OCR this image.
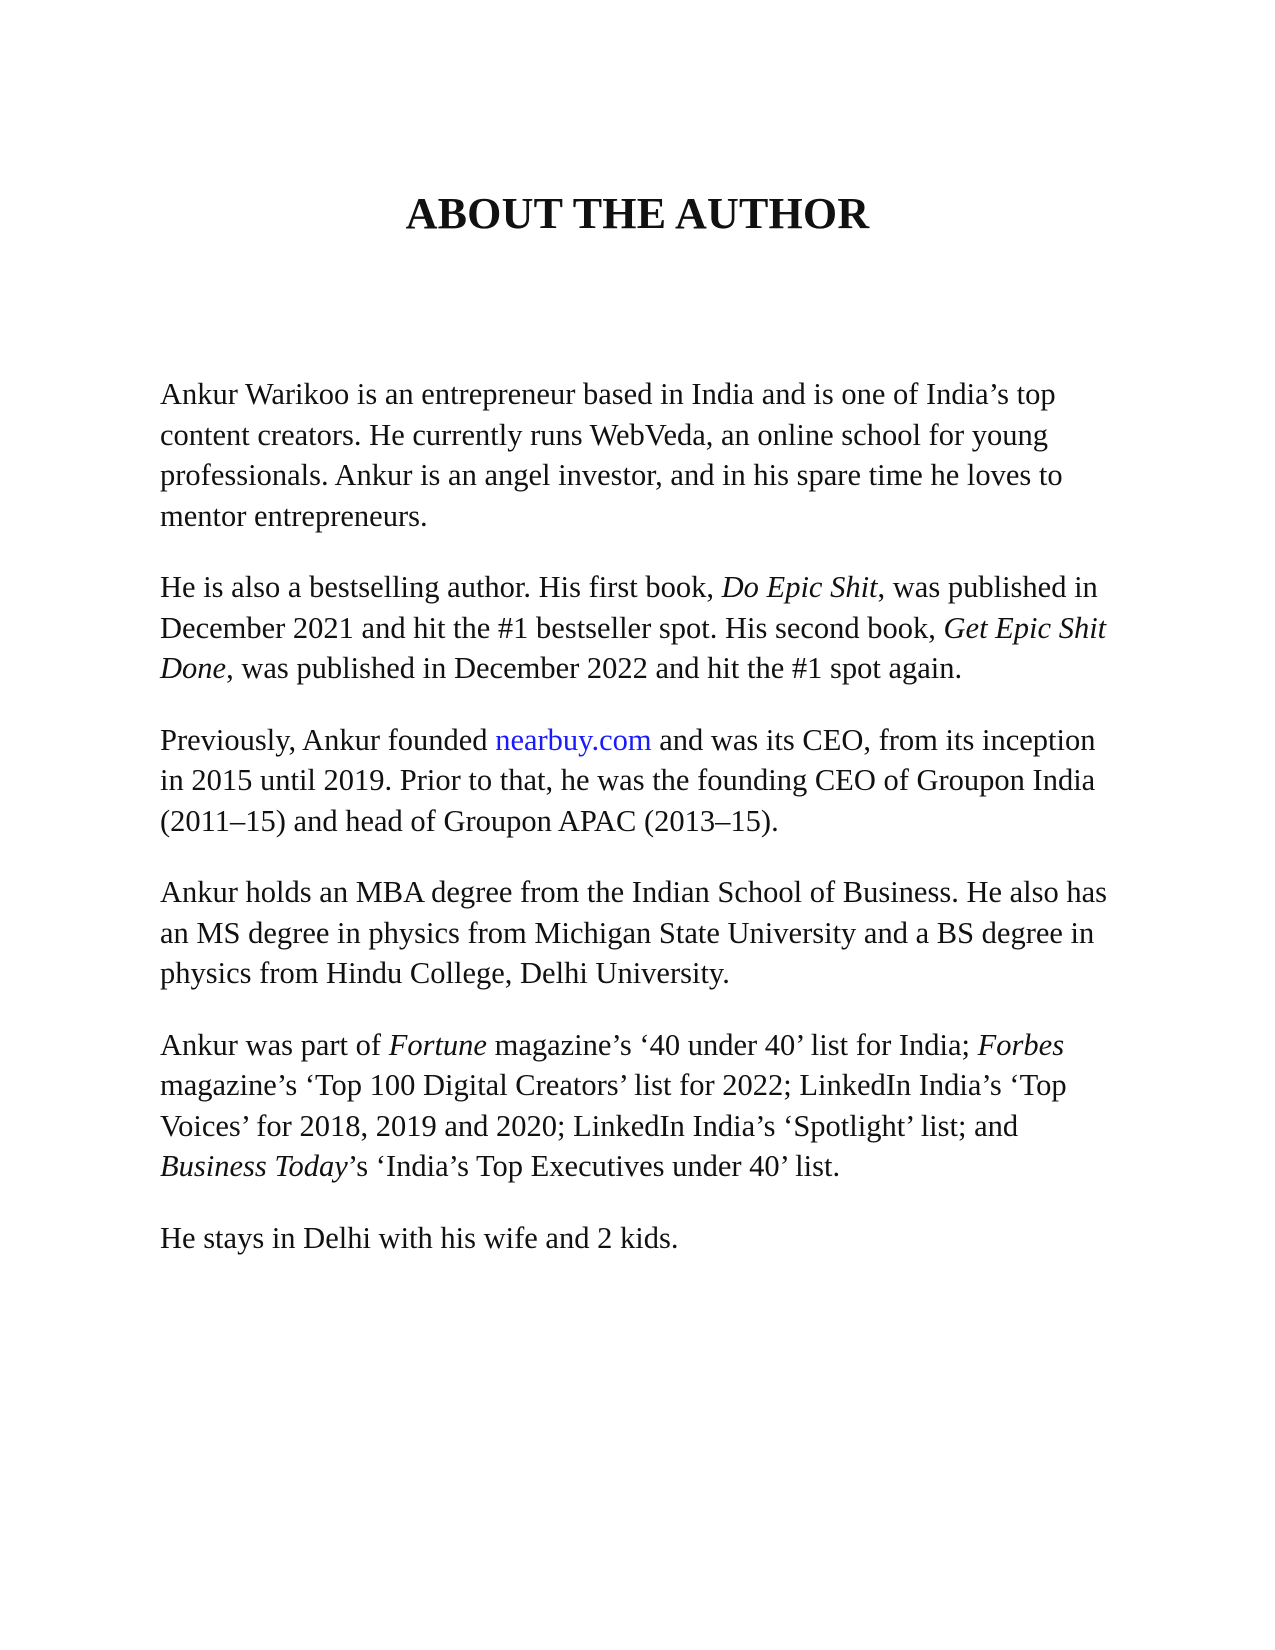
ABOUT THE AUTHOR

Ankur Warikoo is an entrepreneur based in India and is one of India’s top content creators. He currently runs WebVeda, an online school for young professionals. Ankur is an angel investor, and in his spare time he loves to mentor entrepreneurs.

He is also a bestselling author. His first book, Do Epic Shit, was published in December 2021 and hit the #1 bestseller spot. His second book, Get Epic Shit Done, was published in December 2022 and hit the #1 spot again.

Previously, Ankur founded nearbuy.com and was its CEO, from its inception in 2015 until 2019. Prior to that, he was the founding CEO of Groupon India (2011–15) and head of Groupon APAC (2013–15).

Ankur holds an MBA degree from the Indian School of Business. He also has an MS degree in physics from Michigan State University and a BS degree in physics from Hindu College, Delhi University.

Ankur was part of Fortune magazine’s ‘40 under 40’ list for India; Forbes magazine’s ‘Top 100 Digital Creators’ list for 2022; LinkedIn India’s ‘Top Voices’ for 2018, 2019 and 2020; LinkedIn India’s ‘Spotlight’ list; and Business Today’s ‘India’s Top Executives under 40’ list.

He stays in Delhi with his wife and 2 kids.
